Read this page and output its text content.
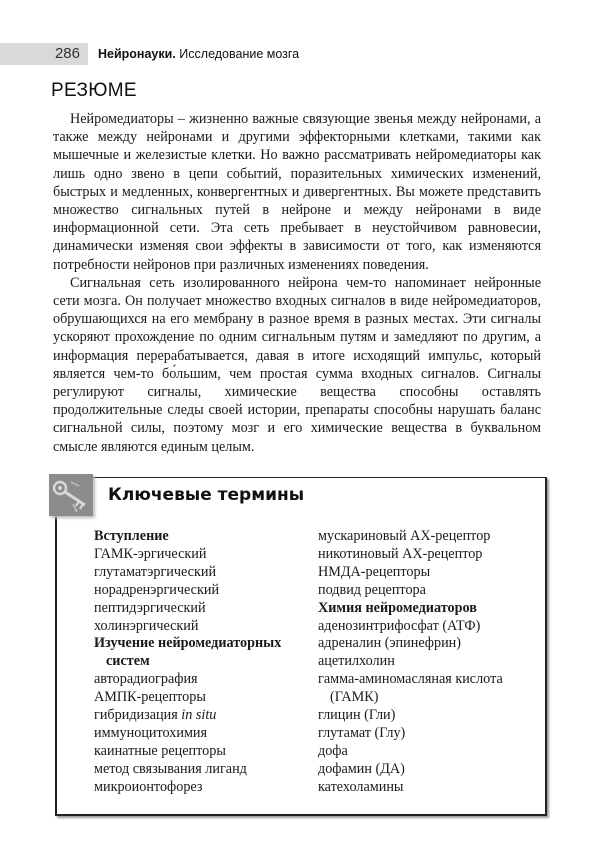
286 Нейронауки. Исследование мозга
РЕЗЮМЕ

Нейромедиаторы – жизненно важные связующие звенья между нейронами, а также между нейронами и другими эффекторными клетками, такими как мышечные и железистые клетки. Но важно рассматривать нейромедиаторы как лишь одно звено в цепи событий, поразительных химических изменений, быстрых и медленных, конвергентных и дивергентных. Вы можете представить множество сигнальных путей в нейроне и между нейронами в виде информационной сети. Эта сеть пребывает в неустойчивом равновесии, динамически изменяя свои эффекты в зависимости от того, как изменяются потребности нейронов при различных изменениях поведения.

Сигнальная сеть изолированного нейрона чем-то напоминает нейронные сети мозга. Он получает множество входных сигналов в виде нейромедиаторов, обрушающихся на его мембрану в разное время в разных местах. Эти сигналы ускоряют прохождение по одним сигнальным путям и замедляют по другим, а информация перерабатывается, давая в итоге исходящий импульс, который является чем-то бо́льшим, чем простая сумма входных сигналов. Сигналы регулируют сигналы, химические вещества способны оставлять продолжительные следы своей истории, препараты способны нарушать баланс сигнальной силы, поэтому мозг и его химические вещества в буквальном смысле являются единым целым.

Ключевые термины
Вступление
ГАМК-эргический
глутаматэргический
норадренэргический
пептидэргический
холинэргический
Изучение нейромедиаторных
систем
авторадиография
АМПК-рецепторы
гибридизация in situ
иммуноцитохимия
каинатные рецепторы
метод связывания лиганд
микроионтофорез
мускариновый АХ-рецептор
никотиновый АХ-рецептор
НМДА-рецепторы
подвид рецептора
Химия нейромедиаторов
аденозинтрифосфат (АТФ)
адреналин (эпинефрин)
ацетилхолин
гамма-аминомасляная кислота
(ГАМК)
глицин (Гли)
глутамат (Глу)
дофа
дофамин (ДА)
катехоламины
